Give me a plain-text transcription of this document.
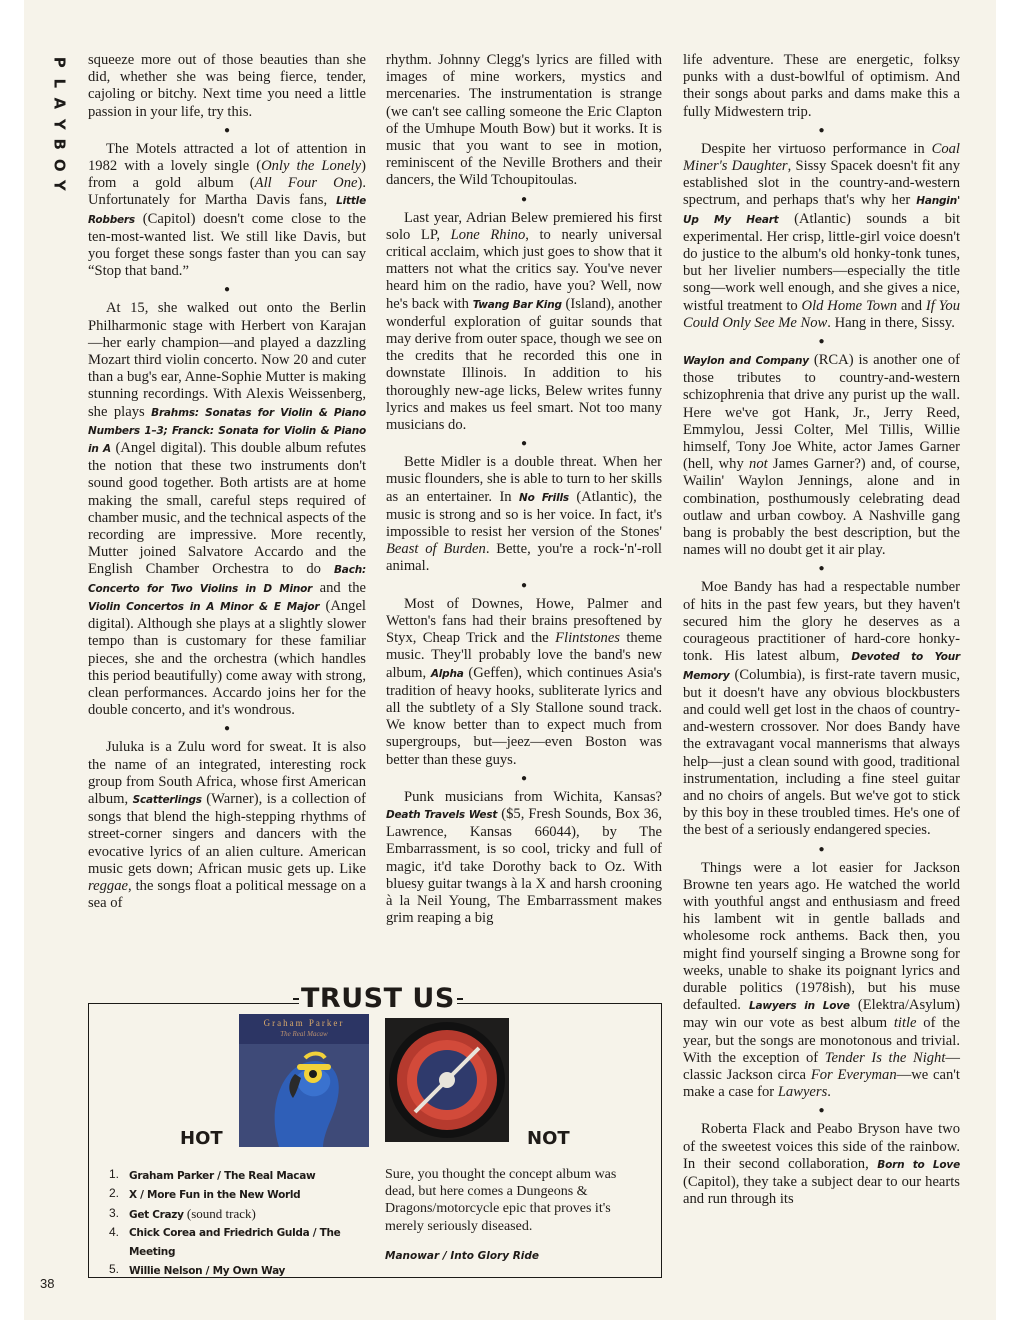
P
L
A
Y
B
O
Y

squeeze more out of those beauties than she did, whether she was being fierce, tender, cajoling or bitchy. Next time you need a little passion in your life, try this.

●

The Motels attracted a lot of attention in 1982 with a lovely single (Only the Lonely) from a gold album (All Four One). Unfortunately for Martha Davis fans, Little Robbers (Capitol) doesn't come close to the ten-most-wanted list. We still like Davis, but you forget these songs faster than you can say “Stop that band.”

●

At 15, she walked out onto the Berlin Philharmonic stage with Herbert von Karajan—her early champion—and played a dazzling Mozart third violin concerto. Now 20 and cuter than a bug's ear, Anne-Sophie Mutter is making stunning recordings. With Alexis Weissenberg, she plays Brahms: Sonatas for Violin & Piano Numbers 1–3; Franck: Sonata for Violin & Piano in A (Angel digital). This double album refutes the notion that these two instruments don't sound good together. Both artists are at home making the small, careful steps required of chamber music, and the technical aspects of the recording are impressive. More recently, Mutter joined Salvatore Accardo and the English Chamber Orchestra to do Bach: Concerto for Two Violins in D Minor and the Violin Concertos in A Minor & E Major (Angel digital). Although she plays at a slightly slower tempo than is customary for these familiar pieces, she and the orchestra (which handles this period beautifully) come away with strong, clean performances. Accardo joins her for the double concerto, and it's wondrous.

●

Juluka is a Zulu word for sweat. It is also the name of an integrated, interesting rock group from South Africa, whose first American album, Scatterlings (Warner), is a collection of songs that blend the high-stepping rhythms of street-corner singers and dancers with the evocative lyrics of an alien culture. American music gets down; African music gets up. Like reggae, the songs float a political message on a sea of

rhythm. Johnny Clegg's lyrics are filled with images of mine workers, mystics and mercenaries. The instrumentation is strange (we can't see calling someone the Eric Clapton of the Umhupe Mouth Bow) but it works. It is music that you want to see in motion, reminiscent of the Neville Brothers and their dancers, the Wild Tchoupitoulas.

●

Last year, Adrian Belew premiered his first solo LP, Lone Rhino, to nearly universal critical acclaim, which just goes to show that it matters not what the critics say. You've never heard him on the radio, have you? Well, now he's back with Twang Bar King (Island), another wonderful exploration of guitar sounds that may derive from outer space, though we see on the credits that he recorded this one in downstate Illinois. In addition to his thoroughly new-age licks, Belew writes funny lyrics and makes us feel smart. Not too many musicians do.

●

Bette Midler is a double threat. When her music flounders, she is able to turn to her skills as an entertainer. In No Frills (Atlantic), the music is strong and so is her voice. In fact, it's impossible to resist her version of the Stones' Beast of Burden. Bette, you're a rock-'n'-roll animal.

●

Most of Downes, Howe, Palmer and Wetton's fans had their brains presoftened by Styx, Cheap Trick and the Flintstones theme music. They'll probably love the band's new album, Alpha (Geffen), which continues Asia's tradition of heavy hooks, subliterate lyrics and all the subtlety of a Sly Stallone sound track. We know better than to expect much from supergroups, but—jeez—even Boston was better than these guys.

●

Punk musicians from Wichita, Kansas? Death Travels West ($5, Fresh Sounds, Box 36, Lawrence, Kansas 66044), by The Embarrassment, is so cool, tricky and full of magic, it'd take Dorothy back to Oz. With bluesy guitar twangs à la X and harsh crooning à la Neil Young, The Embarrassment makes grim reaping a big

life adventure. These are energetic, folksy punks with a dust-bowlful of optimism. And their songs about parks and dams make this a fully Midwestern trip.

●

Despite her virtuoso performance in Coal Miner's Daughter, Sissy Spacek doesn't fit any established slot in the country-and-western spectrum, and perhaps that's why her Hangin' Up My Heart (Atlantic) sounds a bit experimental. Her crisp, little-girl voice doesn't do justice to the album's old honky-tonk tunes, but her livelier numbers—especially the title song—work well enough, and she gives a nice, wistful treatment to Old Home Town and If You Could Only See Me Now. Hang in there, Sissy.

●

Waylon and Company (RCA) is another one of those tributes to country-and-western schizophrenia that drive any purist up the wall. Here we've got Hank, Jr., Jerry Reed, Emmylou, Jessi Colter, Mel Tillis, Willie himself, Tony Joe White, actor James Garner (hell, why not James Garner?) and, of course, Wailin' Waylon Jennings, alone and in combination, posthumously celebrating dead outlaw and urban cowboy. A Nashville gang bang is probably the best description, but the names will no doubt get it air play.

●

Moe Bandy has had a respectable number of hits in the past few years, but they haven't secured him the glory he deserves as a courageous practitioner of hard-core honky-tonk. His latest album, Devoted to Your Memory (Columbia), is first-rate tavern music, but it doesn't have any obvious blockbusters and could well get lost in the chaos of country-and-western crossover. Nor does Bandy have the extravagant vocal mannerisms that always help—just a clean sound with good, traditional instrumentation, including a fine steel guitar and no choirs of angels. But we've got to stick by this boy in these troubled times. He's one of the best of a seriously endangered species.

●

Things were a lot easier for Jackson Browne ten years ago. He watched the world with youthful angst and enthusiasm and freed his lambent wit in gentle ballads and wholesome rock anthems. Back then, you might find yourself singing a Browne song for weeks, unable to shake its poignant lyrics and durable politics (1978ish), but his muse defaulted. Lawyers in Love (Elektra/Asylum) may win our vote as best album title of the year, but the songs are monotonous and trivial. With the exception of Tender Is the Night—classic Jackson circa For Everyman—we can't make a case for Lawyers.

●

Roberta Flack and Peabo Bryson have two of the sweetest voices this side of the rainbow. In their second collaboration, Born to Love (Capitol), they take a subject dear to our hearts and run through its

TRUST US
Graham Parker
The Real Macaw
HOT	NOT
1. Graham Parker / The Real Macaw
2. X / More Fun in the New World
3. Get Crazy (sound track)
4. Chick Corea and Friedrich Gulda / The Meeting
5. Willie Nelson / My Own Way
Sure, you thought the concept album was dead, but here comes a Dungeons & Dragons/motorcycle epic that proves it's merely seriously diseased.
Manowar / Into Glory Ride
38
